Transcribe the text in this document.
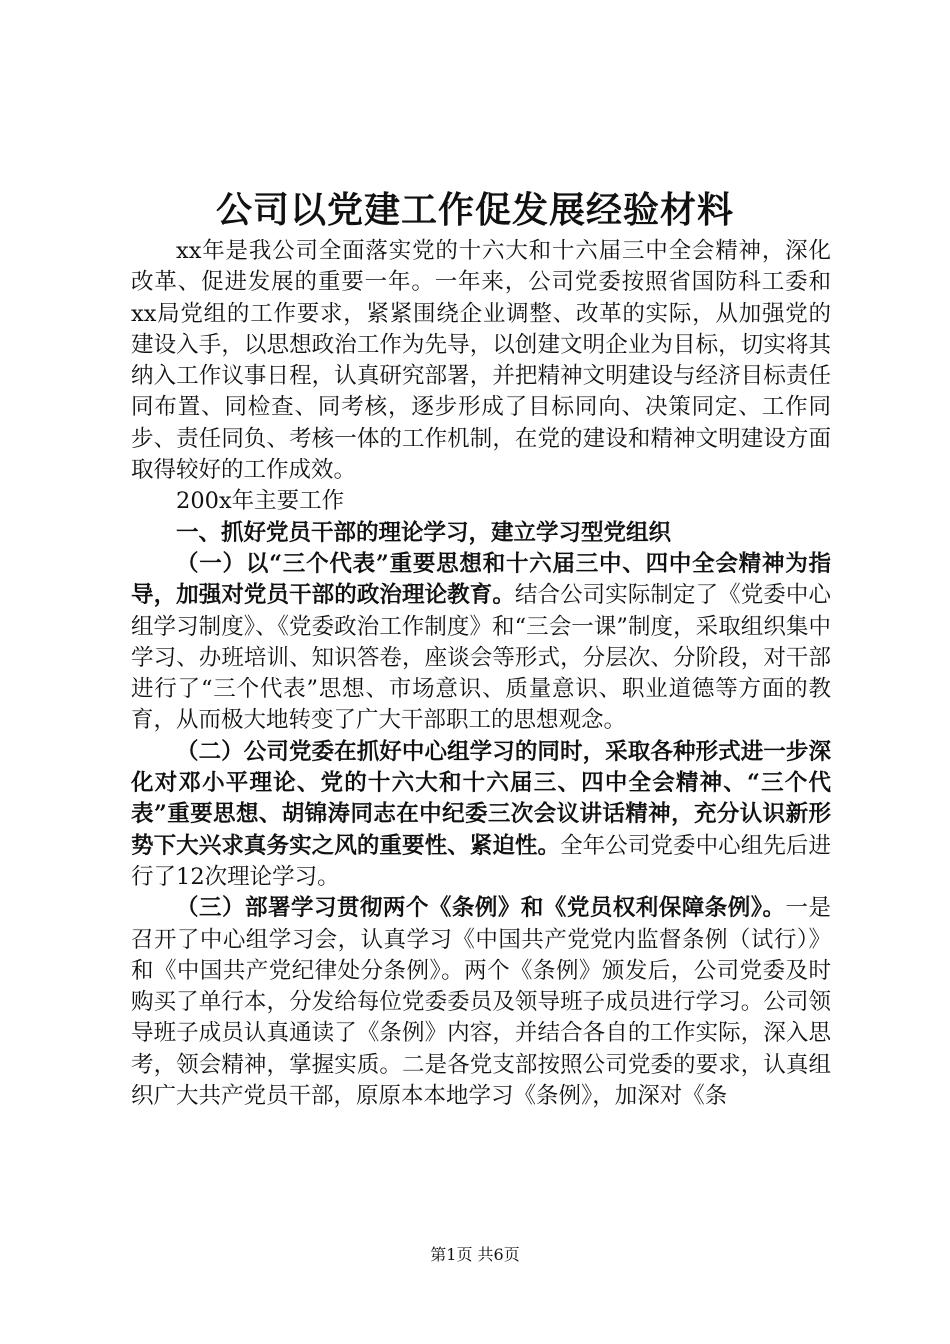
公司以党建工作促发展经验材料

xx年是我公司全面落实党的十六大和十六届三中全会精神，深化改革、促进发展的重要一年。一年来，公司党委按照省国防科工委和xx局党组的工作要求，紧紧围绕企业调整、改革的实际，从加强党的建设入手，以思想政治工作为先导，以创建文明企业为目标，切实将其纳入工作议事日程，认真研究部署，并把精神文明建设与经济目标责任同布置、同检查、同考核，逐步形成了目标同向、决策同定、工作同步、责任同负、考核一体的工作机制，在党的建设和精神文明建设方面取得较好的工作成效。

200x年主要工作

一、抓好党员干部的理论学习，建立学习型党组织

（一）以“三个代表”重要思想和十六届三中、四中全会精神为指导，加强对党员干部的政治理论教育。结合公司实际制定了《党委中心组学习制度》、《党委政治工作制度》和“三会一课”制度，采取组织集中学习、办班培训、知识答卷，座谈会等形式，分层次、分阶段，对干部进行了“三个代表”思想、市场意识、质量意识、职业道德等方面的教育，从而极大地转变了广大干部职工的思想观念。

（二）公司党委在抓好中心组学习的同时，采取各种形式进一步深化对邓小平理论、党的十六大和十六届三、四中全会精神、“三个代表”重要思想、胡锦涛同志在中纪委三次会议讲话精神，充分认识新形势下大兴求真务实之风的重要性、紧迫性。全年公司党委中心组先后进行了12次理论学习。

（三）部署学习贯彻两个《条例》和《党员权利保障条例》。一是召开了中心组学习会，认真学习《中国共产党党内监督条例（试行）》和《中国共产党纪律处分条例》。两个《条例》颁发后，公司党委及时购买了单行本，分发给每位党委委员及领导班子成员进行学习。公司领导班子成员认真通读了《条例》内容，并结合各自的工作实际，深入思考，领会精神，掌握实质。二是各党支部按照公司党委的要求，认真组织广大共产党员干部，原原本本地学习《条例》，加深对《条

第1页 共6页
